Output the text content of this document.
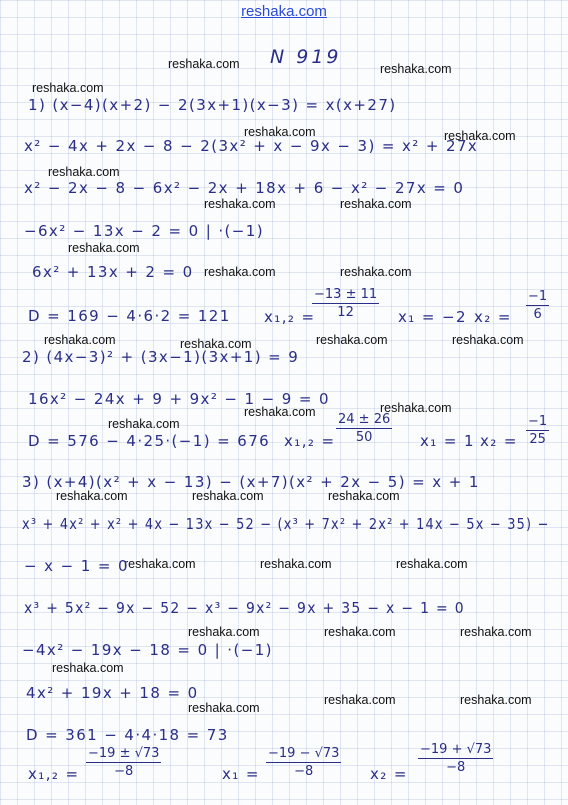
reshaka.com
reshaka.com	reshaka.com
reshaka.com
reshaka.com	reshaka.com
reshaka.com
reshaka.com	reshaka.com
reshaka.com
reshaka.com	reshaka.com
reshaka.com	reshaka.com	reshaka.com	reshaka.com
reshaka.com	reshaka.com
reshaka.com
reshaka.com	reshaka.com	reshaka.com
reshaka.com	reshaka.com	reshaka.com
reshaka.com	reshaka.com	reshaka.com
reshaka.com
reshaka.com
reshaka.com	reshaka.com
N 919
1) (x−4)(x+2) − 2(3x+1)(x−3) = x(x+27)
x² − 4x + 2x − 8 − 2(3x² + x − 9x − 3) = x² + 27x
x² − 2x − 8 − 6x² − 2x + 18x + 6 − x² − 27x = 0
−6x² − 13x − 2 = 0 | ·(−1)
6x² + 13x + 2 = 0
D = 169 − 4·6·2 = 121 x₁,₂ =
$\frac{-13 \pm 11}{12} x_1 = -2$ $x_2 = \frac{-1}{6}$
2) (4x−3)² + (3x−1)(3x+1) = 9
16x² − 24x + 9 + 9x² − 1 − 9 = 0
D = 576 − 4·25·(−1) = 676 $x_1,_2 = \frac{24 \pm 26}{50} x_1 = 1$ $x_2 = \frac{-1}{25}$
3) (x+4)(x² + x − 13) − (x+7)(x² + 2x − 5) = x + 1
x³ + 4x² + x² + 4x − 13x − 52 − (x³ + 7x² + 2x² + 14x − 5x − 35) −
− x − 1 = 0
x³ + 5x² − 9x − 52 − x³ − 9x² − 9x + 35 − x − 1 = 0
−4x² − 19x − 18 = 0 | ·(−1)
4x² + 19x + 18 = 0
D = 361 − 4·4·18 = 73
$x_1,_2 = \frac{-19 \pm √73}{-8}$	$x_1 = \frac{-19 - √73}{-8} x_2 = \frac{-19 + √73}{-8}$
